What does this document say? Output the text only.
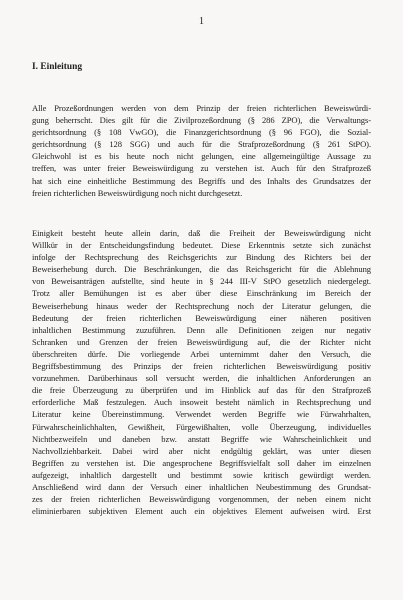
1
I. Einleitung
Alle Prozeßordnungen werden von dem Prinzip der freien richterlichen Beweiswürdi-
gung beherrscht. Dies gilt für die Zivilprozeßordnung (§ 286 ZPO), die Verwaltungs-
gerichtsordnung (§ 108 VwGO), die Finanzgerichtsordnung (§ 96 FGO), die Sozial-
gerichtsordnung (§ 128 SGG) und auch für die Strafprozeßordnung (§ 261 StPO).
Gleichwohl ist es bis heute noch nicht gelungen, eine allgemeingültige Aussage zu
treffen, was unter freier Beweiswürdigung zu verstehen ist. Auch für den Strafprozeß
hat sich eine einheitliche Bestimmung des Begriffs und des Inhalts des Grundsatzes der
freien richterlichen Beweiswürdigung noch nicht durchgesetzt.
Einigkeit besteht heute allein darin, daß die Freiheit der Beweiswürdigung nicht
Willkür in der Entscheidungsfindung bedeutet. Diese Erkenntnis setzte sich zunächst
infolge der Rechtsprechung des Reichsgerichts zur Bindung des Richters bei der
Beweiserhebung durch. Die Beschränkungen, die das Reichsgericht für die Ablehnung
von Beweisanträgen aufstellte, sind heute in § 244 III-V StPO gesetzlich niedergelegt.
Trotz aller Bemühungen ist es aber über diese Einschränkung im Bereich der
Beweiserhebung hinaus weder der Rechtsprechung noch der Literatur gelungen, die
Bedeutung der freien richterlichen Beweiswürdigung einer näheren positiven
inhaltlichen Bestimmung zuzuführen. Denn alle Definitionen zeigen nur negativ
Schranken und Grenzen der freien Beweiswürdigung auf, die der Richter nicht
überschreiten dürfe. Die vorliegende Arbei unternimmt daher den Versuch, die
Begriffsbestimmung des Prinzips der freien richterlichen Beweiswürdigung positiv
vorzunehmen. Darüberhinaus soll versucht werden, die inhaltlichen Anforderungen an
die freie Überzeugung zu überprüfen und im Hinblick auf das für den Strafprozeß
erforderliche Maß festzulegen. Auch insoweit besteht nämlich in Rechtsprechung und
Literatur keine Übereinstimmung. Verwendet werden Begriffe wie Fürwahrhalten,
Fürwahrscheinlichhalten, Gewißheit, Fürgewißhalten, volle Überzeugung, individuelles
Nichtbezweifeln und daneben bzw. anstatt Begriffe wie Wahrscheinlichkeit und
Nachvollziehbarkeit. Dabei wird aber nicht endgültig geklärt, was unter diesen
Begriffen zu verstehen ist. Die angesprochene Begriffsvielfalt soll daher im einzelnen
aufgezeigt, inhaltlich dargestellt und bestimmt sowie kritisch gewürdigt werden.
Anschließend wird dann der Versuch einer inhaltlichen Neubestimmung des Grundsat-
zes der freien richterlichen Beweiswürdigung vorgenommen, der neben einem nicht
eliminierbaren subjektiven Element auch ein objektives Element aufweisen wird. Erst
